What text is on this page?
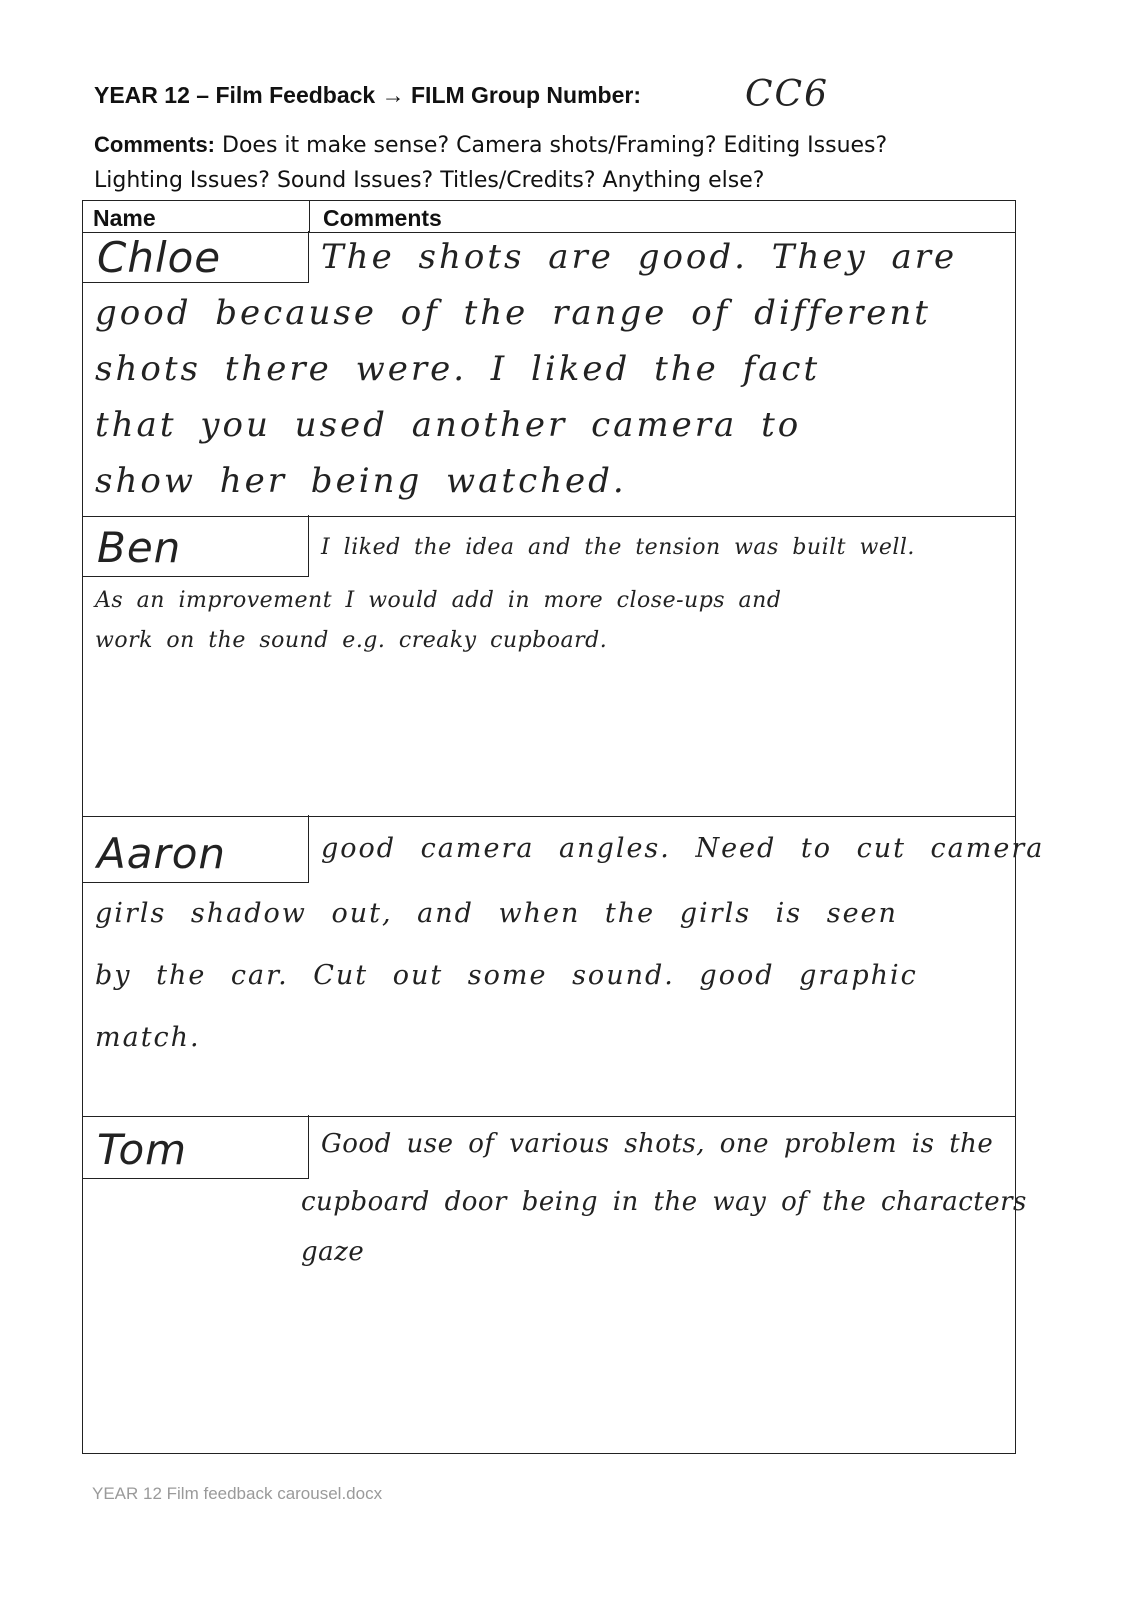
YEAR 12 – Film Feedback → FILM Group Number:	CC6
Comments: Does it make sense? Camera shots/Framing? Editing Issues?
Lighting Issues? Sound Issues? Titles/Credits? Anything else?
Name	Comments
Chloe	The shots are good. They are
good because of the range of different
shots there were. I liked the fact
that you used another camera to
show her being watched.
Ben	I liked the idea and the tension was built well.
As an improvement I would add in more close-ups and
work on the sound e.g. creaky cupboard.
Aaron	good camera angles. Need to cut camera
girls shadow out, and when the girls is seen
by the car. Cut out some sound. good graphic
match.
Tom	Good use of various shots, one problem is the
cupboard door being in the way of the characters
gaze
YEAR 12 Film feedback carousel.docx
